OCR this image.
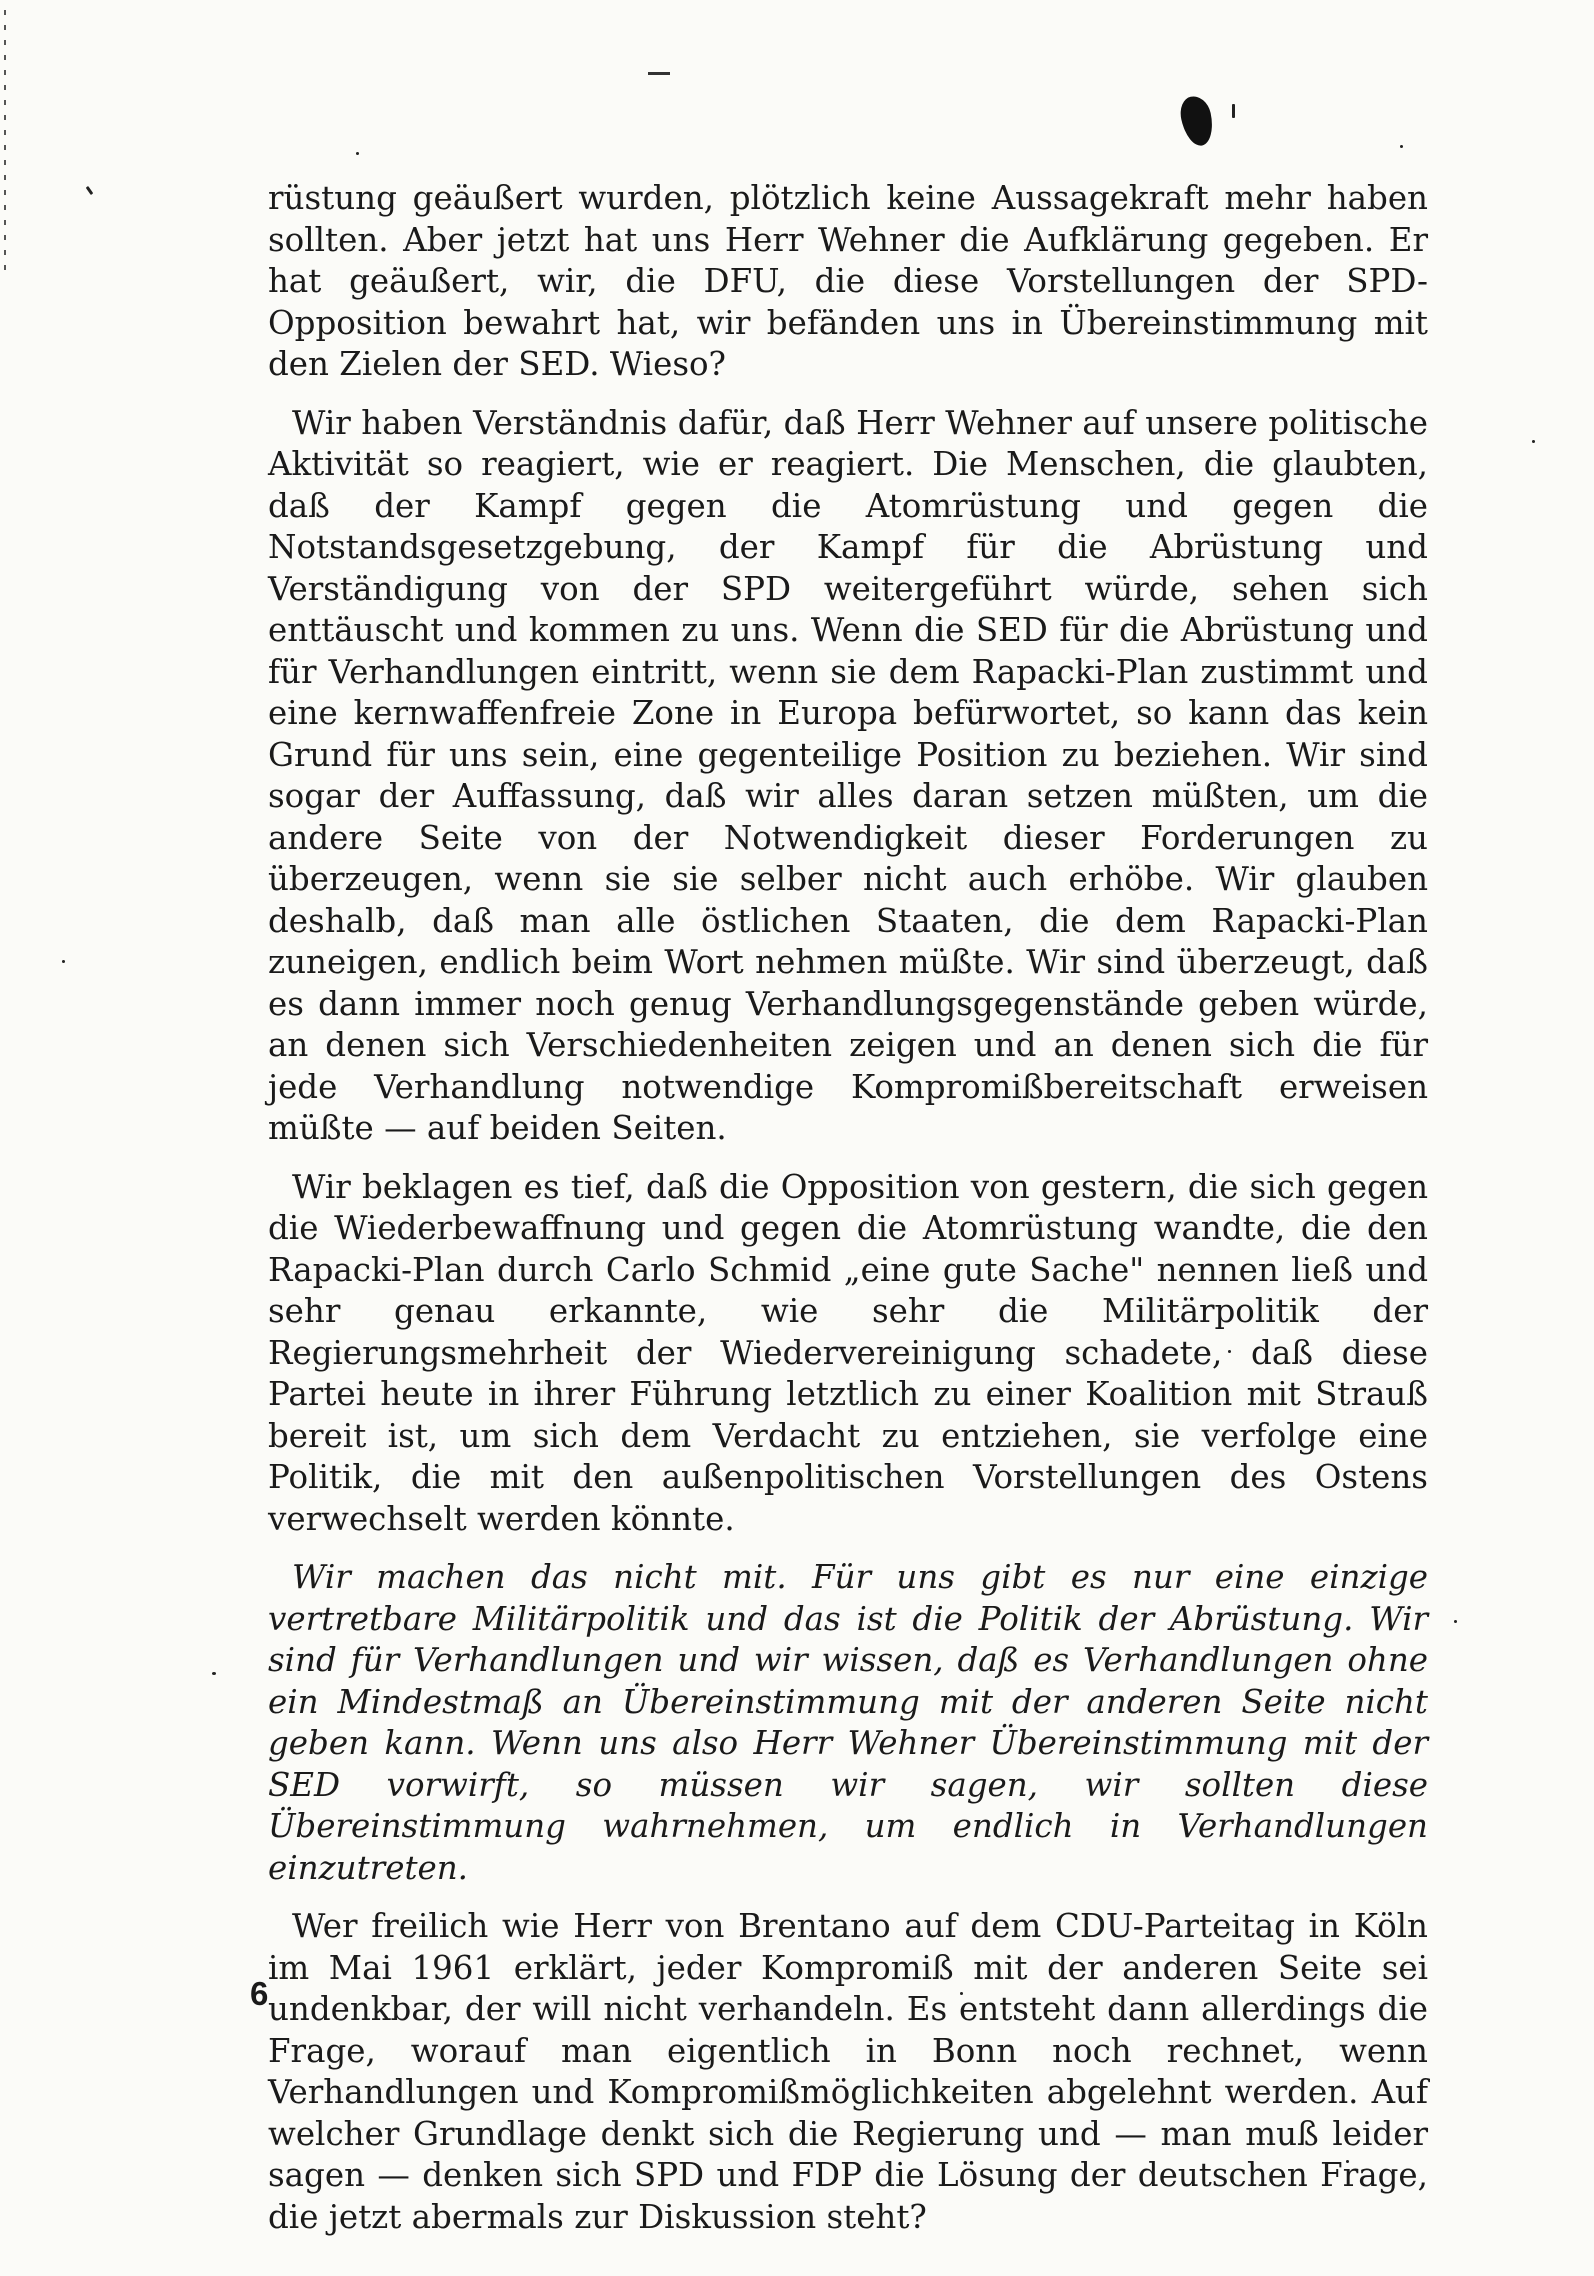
rüstung geäußert wurden, plötzlich keine Aussagekraft mehr haben sollten. Aber jetzt hat uns Herr Wehner die Aufklärung gegeben. Er hat geäußert, wir, die DFU, die diese Vorstellungen der SPD-Opposition bewahrt hat, wir befänden uns in Übereinstimmung mit den Zielen der SED. Wieso?

Wir haben Verständnis dafür, daß Herr Wehner auf unsere politische Aktivität so reagiert, wie er reagiert. Die Menschen, die glaubten, daß der Kampf gegen die Atomrüstung und gegen die Notstandsgesetzgebung, der Kampf für die Abrüstung und Verständigung von der SPD weitergeführt würde, sehen sich enttäuscht und kommen zu uns. Wenn die SED für die Abrüstung und für Verhandlungen eintritt, wenn sie dem Rapacki-Plan zustimmt und eine kernwaffenfreie Zone in Europa befürwortet, so kann das kein Grund für uns sein, eine gegenteilige Position zu beziehen. Wir sind sogar der Auffassung, daß wir alles daran setzen müßten, um die andere Seite von der Notwendigkeit dieser Forderungen zu überzeugen, wenn sie sie selber nicht auch erhöbe. Wir glauben deshalb, daß man alle östlichen Staaten, die dem Rapacki-Plan zuneigen, endlich beim Wort nehmen müßte. Wir sind überzeugt, daß es dann immer noch genug Verhandlungsgegenstände geben würde, an denen sich Verschiedenheiten zeigen und an denen sich die für jede Verhandlung notwendige Kompromißbereitschaft erweisen müßte — auf beiden Seiten.

Wir beklagen es tief, daß die Opposition von gestern, die sich gegen die Wiederbewaffnung und gegen die Atomrüstung wandte, die den Rapacki-Plan durch Carlo Schmid „eine gute Sache" nennen ließ und sehr genau erkannte, wie sehr die Militärpolitik der Regierungsmehrheit der Wiedervereinigung schadete, daß diese Partei heute in ihrer Führung letztlich zu einer Koalition mit Strauß bereit ist, um sich dem Verdacht zu entziehen, sie verfolge eine Politik, die mit den außenpolitischen Vorstellungen des Ostens verwechselt werden könnte.

Wir machen das nicht mit. Für uns gibt es nur eine einzige vertretbare Militärpolitik und das ist die Politik der Abrüstung. Wir sind für Verhandlungen und wir wissen, daß es Verhandlungen ohne ein Mindestmaß an Übereinstimmung mit der anderen Seite nicht geben kann. Wenn uns also Herr Wehner Übereinstimmung mit der SED vorwirft, so müssen wir sagen, wir sollten diese Übereinstimmung wahrnehmen, um endlich in Verhandlungen einzutreten.

Wer freilich wie Herr von Brentano auf dem CDU-Parteitag in Köln im Mai 1961 erklärt, jeder Kompromiß mit der anderen Seite sei undenkbar, der will nicht verhandeln. Es entsteht dann allerdings die Frage, worauf man eigentlich in Bonn noch rechnet, wenn Verhandlungen und Kompromißmöglichkeiten abgelehnt werden. Auf welcher Grundlage denkt sich die Regierung und — man muß leider sagen — denken sich SPD und FDP die Lösung der deutschen Frage, die jetzt abermals zur Diskussion steht?

6
